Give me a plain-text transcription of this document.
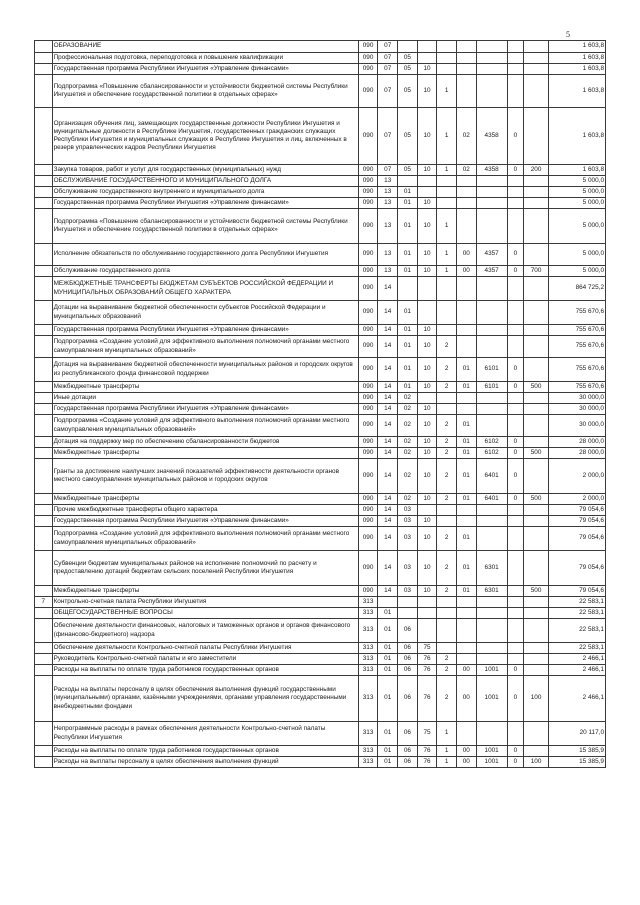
5
	ОБРАЗОВАНИЕ	090	07								1 603,8
	Профессиональная подготовка, переподготовка и повышение квалификации	090	07	05							1 603,8
	Государственная программа Республики Ингушетия «Управление финансами»	090	07	05	10						1 603,8
	Подпрограмма «Повышение сбалансированности и устойчивости бюджетной системы Республики Ингушетия и обеспечение государственной политики в отдельных сферах»	090	07	05	10	1					1 603,8
	Организация обучения лиц, замещающих государственные должности Республики Ингушетия и муниципальные должности в Республике Ингушетия, государственных гражданских служащих Республики Ингушетия и муниципальных служащих в Республике Ингушетия и лиц, включенных в резерв управленческих кадров Республики Ингушетия	090	07	05	10	1	02	4358	0		1 603,8
	Закупка товаров, работ и услуг для государственных (муниципальных) нужд	090	07	05	10	1	02	4358	0	200	1 603,8
	ОБСЛУЖИВАНИЕ ГОСУДАРСТВЕННОГО И МУНИЦИПАЛЬНОГО ДОЛГА	090	13								5 000,0
	Обслуживание государственного внутреннего и муниципального долга	090	13	01							5 000,0
	Государственная программа Республики Ингушетия «Управление финансами»	090	13	01	10						5 000,0
	Подпрограмма «Повышение сбалансированности и устойчивости бюджетной системы Республики Ингушетия и обеспечение государственной политики в отдельных сферах»	090	13	01	10	1					5 000,0
	Исполнение обязательств по обслуживанию государственного долга Республики Ингушетия	090	13	01	10	1	00	4357	0		5 000,0
	Обслуживание государственного долга	090	13	01	10	1	00	4357	0	700	5 000,0
	МЕЖБЮДЖЕТНЫЕ ТРАНСФЕРТЫ БЮДЖЕТАМ СУБЪЕКТОВ РОССИЙСКОЙ ФЕДЕРАЦИИ И МУНИЦИПАЛЬНЫХ ОБРАЗОВАНИЙ ОБЩЕГО ХАРАКТЕРА	090	14								864 725,2
	Дотации на выравнивание бюджетной обеспеченности субъектов Российской Федерации и муниципальных образований	090	14	01							755 670,6
	Государственная программа Республики Ингушетия «Управление финансами»	090	14	01	10						755 670,6
	Подпрограмма «Создание условий для эффективного выполнения полномочий органами местного самоуправления муниципальных образований»	090	14	01	10	2					755 670,6
	Дотация на выравнивание бюджетной обеспеченности муниципальных районов и городских округов из республиканского фонда финансовой поддержки	090	14	01	10	2	01	6101	0		755 670,6
	Межбюджетные трансферты	090	14	01	10	2	01	6101	0	500	755 670,6
	Иные дотации	090	14	02							30 000,0
	Государственная программа Республики Ингушетия «Управление финансами»	090	14	02	10						30 000,0
	Подпрограмма «Создание условий для эффективного выполнения полномочий органами местного самоуправления муниципальных образований»	090	14	02	10	2	01				30 000,0
	Дотация на поддержку мер по обеспечению сбалансированности бюджетов	090	14	02	10	2	01	6102	0		28 000,0
	Межбюджетные трансферты	090	14	02	10	2	01	6102	0	500	28 000,0
	Гранты за достижение наилучших значений показателей эффективности деятельности органов местного самоуправления муниципальных районов и городских округов	090	14	02	10	2	01	6401	0		2 000,0
	Межбюджетные трансферты	090	14	02	10	2	01	6401	0	500	2 000,0
	Прочие межбюджетные трансферты общего характера	090	14	03							79 054,6
	Государственная программа Республики Ингушетия «Управление финансами»	090	14	03	10						79 054,6
	Подпрограмма «Создание условий для эффективного выполнения полномочий органами местного самоуправления муниципальных образований»	090	14	03	10	2	01				79 054,6
	Субвенции бюджетам муниципальных районов на исполнение полномочий по расчету и предоставлению дотаций бюджетам сельских поселений Республики Ингушетия	090	14	03	10	2	01	6301			79 054,6
	Межбюджетные трансферты	090	14	03	10	2	01	6301		500	79 054,6
7	Контрольно-счетная палата Республики Ингушетия	313									22 583,1
	ОБЩЕГОСУДАРСТВЕННЫЕ ВОПРОСЫ	313	01								22 583,1
	Обеспечение деятельности финансовых, налоговых и таможенных органов и органов финансового (финансово-бюджетного) надзора	313	01	06							22 583,1
	Обеспечение деятельности Контрольно-счетной палаты Республики Ингушетия	313	01	06	75						22 583,1
	Руководитель Контрольно-счетной палаты и его заместители	313	01	06	76	2					2 466,1
	Расходы на выплаты по оплате труда работников государственных органов	313	01	06	76	2	00	1001	0		2 466,1
	Расходы на выплаты персоналу в целях обеспечения выполнения функций государственными (муниципальными) органами, казёнными учреждениями, органами управления государственными внебюджетными фондами	313	01	06	76	2	00	1001	0	100	2 466,1
	Непрограммные расходы в рамках обеспечения деятельности Контрольно-счетной палаты Республики Ингушетия	313	01	06	75	1					20 117,0
	Расходы на выплаты по оплате труда работников государственных органов	313	01	06	76	1	00	1001	0		15 385,9
	Расходы на выплаты персоналу в целях обеспечения выполнения функций	313	01	06	76	1	00	1001	0	100	15 385,9
